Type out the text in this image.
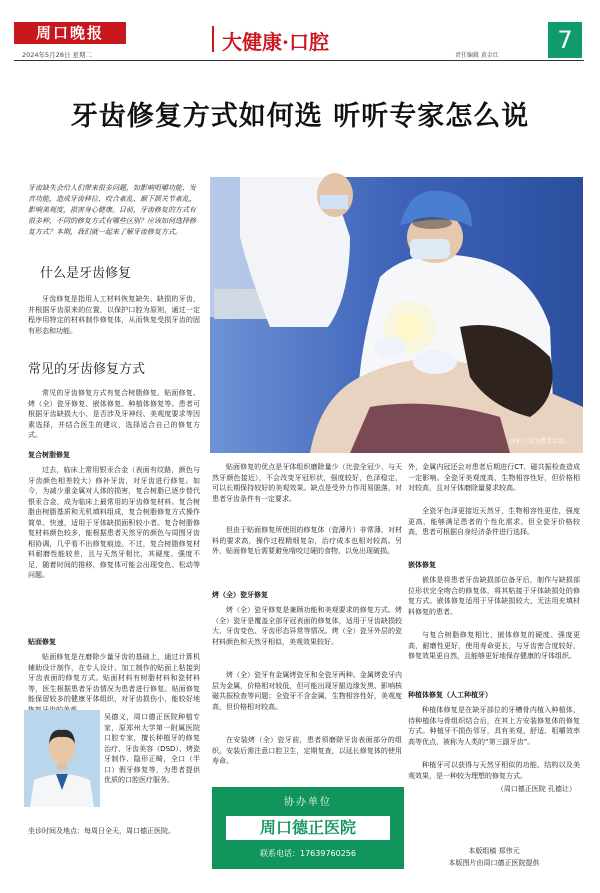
周口晚报
2024年5月28日 星期二
大健康·口腔
责任编辑 黄金红
7
牙齿修复方式如何选 听听专家怎么说
牙齿缺失会给人们带来很多问题，如影响咀嚼功能、发音功能，造成牙齿移位、咬合紊乱、颞下颌关节紊乱，影响美观度，损害身心健康。目前，牙齿修复的方式有很多种，不同的修复方式有哪些区别？应该如何选择修复方式？本期，我们就一起来了解牙齿修复方式。
什么是牙齿修复
牙齿修复是指用人工材料恢复缺失、缺损的牙齿，并根据牙齿原来的位置，以保护口腔为原则，通过一定程序用特定的材料制作修复体，从而恢复受损牙齿的固有形态和功能。
常见的牙齿修复方式
常见的牙齿修复方式有复合树脂修复、贴面修复、烤（全）瓷牙修复、嵌体修复、种植体修复等。患者可根据牙齿缺损大小、是否涉及牙神经、美观度要求等因素选择，并结合医生的建议，选择适合自己的修复方式。
复合树脂修复
过去，临床上常用银汞合金（表面有纹路，颜色与牙齿颜色相差较大）修补牙齿，对牙齿进行修复。如今，为减少重金属对人体的损害，复合树脂已逐步替代银汞合金，成为临床上最常用的牙齿修复材料。复合树脂由树脂基质和无机填料组成，复合树脂修复方式操作简单、快速，适用于牙体缺损面积较小者。复合树脂修复材料颜色较多，能根据患者天然牙的颜色与周围牙齿相协调，几乎看不出修复痕迹。不过，复合树脂修复材料耐磨性能较差，且与天然牙相比，其硬度、强度不足，随着时间的推移，修复体可能会出现变色、松动等问题。
贴面修复
贴面修复是在磨除少量牙齿的基础上，通过计算机辅助设计制作，在专人设计、加工制作的贴面上粘接到牙齿表面的修复方式。贴面材料有树脂材料和瓷材料等，医生根据患者牙齿情况为患者进行修复。贴面修复能保留较多的健康牙体组织，对牙齿损伤小，能较好地
吴德义，周口德正医院种植专家，原郑州大学第一附属医院口腔专家，擅长种植牙的修复治疗、牙齿美容（DSD）、烤瓷牙制作、隐形正畸，全口（半口）假牙修复等，为患者提供优质的口腔医疗服务。
坐诊时间及地点：每周日全天，周口德正医院。
医护人员为患者诊治。
贴面修复的优点是牙体组织磨除量少（比瓷全冠少、与天然牙颜色接近），不会改变牙冠形状，强度较好，色泽稳定，可以长期保持较好的美观效果。缺点是受外力作用易脱落，对患者牙齿条件有一定要求。
但由于贴面修复所使用的修复体（瓷薄片）非常薄，对材料的要求高，操作过程精细复杂，治疗成本也相对较高。另外，贴面修复后需要避免啃咬过硬的食物，以免出现破损。
烤（全）瓷牙修复
烤（全）瓷牙修复是兼顾功能和美观要求的修复方式。烤（全）瓷牙是覆盖全部牙冠表面的修复体，适用于牙齿缺损较大、牙齿变色、牙齿形态异常等情况。烤（全）瓷牙外层的瓷材料颜色和天然牙相似，美观效果较好。
烤（全）瓷牙有金属烤瓷牙和全瓷牙两种。金属烤瓷牙内层为金属，价格相对较低，但可能出现牙龈边缘发黑、影响核磁共振检查等问题；全瓷牙不含金属，生物相容性好，美观度高，但价格相对较高。
在安装烤（全）瓷牙前，患者须磨除牙齿表面部分的组织。安装后需注意口腔卫生，定期复查，以延长修复体的使用寿命。
协办单位
周口德正医院
联系电话：17639760256
外，金属内冠还会对患者后期进行CT、磁共振检查造成一定影响。全瓷牙美观度高，生物相容性好，但价格相对较高，且对牙体磨除量要求较高。
全瓷牙色泽更接近天然牙，生物相容性更佳，强度更高，能够满足患者的个性化需求。但全瓷牙价格较高，患者可根据自身经济条件进行选择。
嵌体修复
嵌体是将患者牙齿缺损部位备牙后，制作与缺损部位形状完全吻合的修复体，将其粘接于牙体缺损处的修复方式。嵌体修复适用于牙体缺损较大、无法用充填材料修复的患者。
与复合树脂修复相比，嵌体修复的硬度、强度更高，耐磨性更好，使用寿命更长，与牙齿密合度较好，修复效果更自然，且能够更好地保存健康的牙体组织。
种植体修复（人工种植牙）
种植体修复是在缺牙部位的牙槽骨内植入种植体，待种植体与骨组织结合后，在其上方安装修复体的修复方式。种植牙不损伤邻牙，具有美观、舒适、咀嚼效率高等优点，被称为人类的“第三副牙齿”。
种植牙可以获得与天然牙相似的功能、结构以及美观效果，是一种较为理想的修复方式。
（周口德正医院 孔德让）
本版组稿 郑伟元
本版图片由周口德正医院提供
